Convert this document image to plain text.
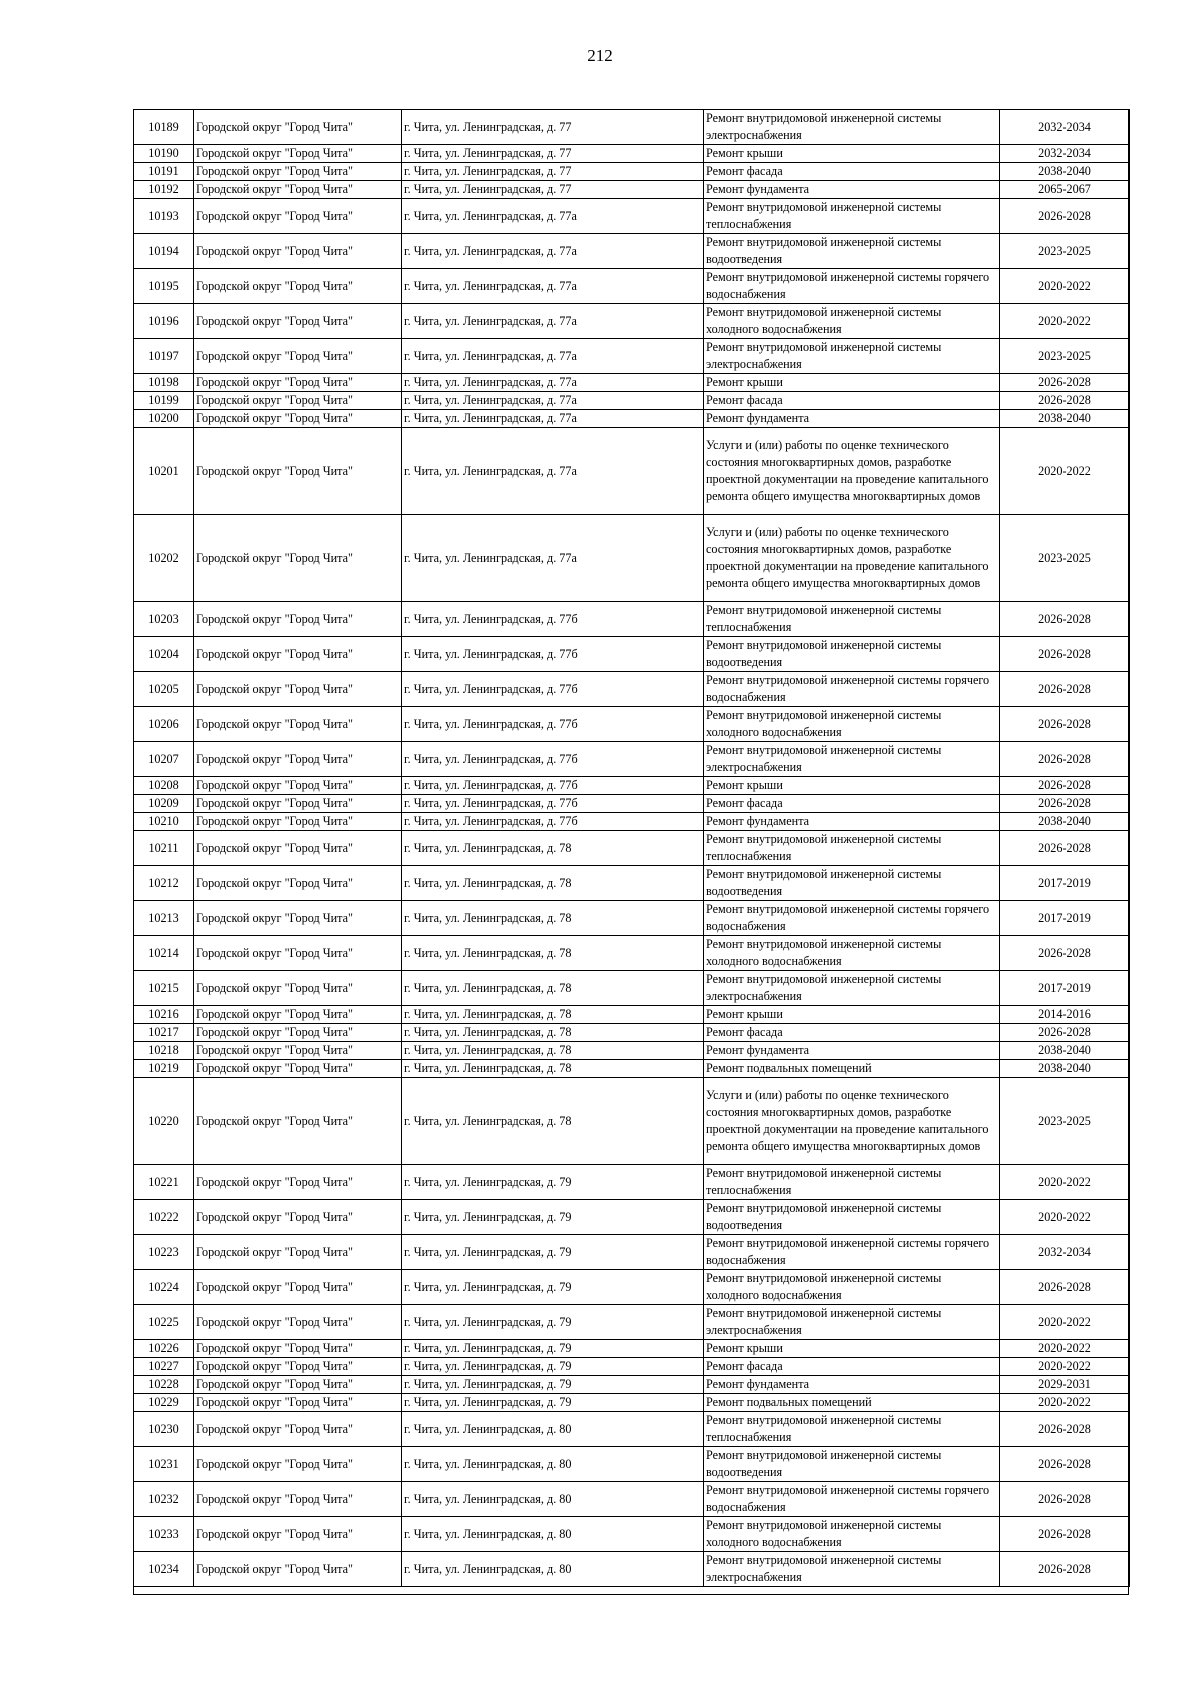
212
10189	Городской округ "Город Чита"	г. Чита, ул. Ленинградская, д. 77	Ремонт внутридомовой инженерной системы электроснабжения	2032-2034
10190	Городской округ "Город Чита"	г. Чита, ул. Ленинградская, д. 77	Ремонт крыши	2032-2034
10191	Городской округ "Город Чита"	г. Чита, ул. Ленинградская, д. 77	Ремонт фасада	2038-2040
10192	Городской округ "Город Чита"	г. Чита, ул. Ленинградская, д. 77	Ремонт фундамента	2065-2067
10193	Городской округ "Город Чита"	г. Чита, ул. Ленинградская, д. 77а	Ремонт внутридомовой инженерной системы теплоснабжения	2026-2028
10194	Городской округ "Город Чита"	г. Чита, ул. Ленинградская, д. 77а	Ремонт внутридомовой инженерной системы водоотведения	2023-2025
10195	Городской округ "Город Чита"	г. Чита, ул. Ленинградская, д. 77а	Ремонт внутридомовой инженерной системы горячего водоснабжения	2020-2022
10196	Городской округ "Город Чита"	г. Чита, ул. Ленинградская, д. 77а	Ремонт внутридомовой инженерной системы холодного водоснабжения	2020-2022
10197	Городской округ "Город Чита"	г. Чита, ул. Ленинградская, д. 77а	Ремонт внутридомовой инженерной системы электроснабжения	2023-2025
10198	Городской округ "Город Чита"	г. Чита, ул. Ленинградская, д. 77а	Ремонт крыши	2026-2028
10199	Городской округ "Город Чита"	г. Чита, ул. Ленинградская, д. 77а	Ремонт фасада	2026-2028
10200	Городской округ "Город Чита"	г. Чита, ул. Ленинградская, д. 77а	Ремонт фундамента	2038-2040
10201	Городской округ "Город Чита"	г. Чита, ул. Ленинградская, д. 77а	Услуги и (или) работы по оценке технического состояния многоквартирных домов, разработке проектной документации на проведение капитального ремонта общего имущества многоквартирных домов	2020-2022
10202	Городской округ "Город Чита"	г. Чита, ул. Ленинградская, д. 77а	Услуги и (или) работы по оценке технического состояния многоквартирных домов, разработке проектной документации на проведение капитального ремонта общего имущества многоквартирных домов	2023-2025
10203	Городской округ "Город Чита"	г. Чита, ул. Ленинградская, д. 77б	Ремонт внутридомовой инженерной системы теплоснабжения	2026-2028
10204	Городской округ "Город Чита"	г. Чита, ул. Ленинградская, д. 77б	Ремонт внутридомовой инженерной системы водоотведения	2026-2028
10205	Городской округ "Город Чита"	г. Чита, ул. Ленинградская, д. 77б	Ремонт внутридомовой инженерной системы горячего водоснабжения	2026-2028
10206	Городской округ "Город Чита"	г. Чита, ул. Ленинградская, д. 77б	Ремонт внутридомовой инженерной системы холодного водоснабжения	2026-2028
10207	Городской округ "Город Чита"	г. Чита, ул. Ленинградская, д. 77б	Ремонт внутридомовой инженерной системы электроснабжения	2026-2028
10208	Городской округ "Город Чита"	г. Чита, ул. Ленинградская, д. 77б	Ремонт крыши	2026-2028
10209	Городской округ "Город Чита"	г. Чита, ул. Ленинградская, д. 77б	Ремонт фасада	2026-2028
10210	Городской округ "Город Чита"	г. Чита, ул. Ленинградская, д. 77б	Ремонт фундамента	2038-2040
10211	Городской округ "Город Чита"	г. Чита, ул. Ленинградская, д. 78	Ремонт внутридомовой инженерной системы теплоснабжения	2026-2028
10212	Городской округ "Город Чита"	г. Чита, ул. Ленинградская, д. 78	Ремонт внутридомовой инженерной системы водоотведения	2017-2019
10213	Городской округ "Город Чита"	г. Чита, ул. Ленинградская, д. 78	Ремонт внутридомовой инженерной системы горячего водоснабжения	2017-2019
10214	Городской округ "Город Чита"	г. Чита, ул. Ленинградская, д. 78	Ремонт внутридомовой инженерной системы холодного водоснабжения	2026-2028
10215	Городской округ "Город Чита"	г. Чита, ул. Ленинградская, д. 78	Ремонт внутридомовой инженерной системы электроснабжения	2017-2019
10216	Городской округ "Город Чита"	г. Чита, ул. Ленинградская, д. 78	Ремонт крыши	2014-2016
10217	Городской округ "Город Чита"	г. Чита, ул. Ленинградская, д. 78	Ремонт фасада	2026-2028
10218	Городской округ "Город Чита"	г. Чита, ул. Ленинградская, д. 78	Ремонт фундамента	2038-2040
10219	Городской округ "Город Чита"	г. Чита, ул. Ленинградская, д. 78	Ремонт подвальных помещений	2038-2040
10220	Городской округ "Город Чита"	г. Чита, ул. Ленинградская, д. 78	Услуги и (или) работы по оценке технического состояния многоквартирных домов, разработке проектной документации на проведение капитального ремонта общего имущества многоквартирных домов	2023-2025
10221	Городской округ "Город Чита"	г. Чита, ул. Ленинградская, д. 79	Ремонт внутридомовой инженерной системы теплоснабжения	2020-2022
10222	Городской округ "Город Чита"	г. Чита, ул. Ленинградская, д. 79	Ремонт внутридомовой инженерной системы водоотведения	2020-2022
10223	Городской округ "Город Чита"	г. Чита, ул. Ленинградская, д. 79	Ремонт внутридомовой инженерной системы горячего водоснабжения	2032-2034
10224	Городской округ "Город Чита"	г. Чита, ул. Ленинградская, д. 79	Ремонт внутридомовой инженерной системы холодного водоснабжения	2026-2028
10225	Городской округ "Город Чита"	г. Чита, ул. Ленинградская, д. 79	Ремонт внутридомовой инженерной системы электроснабжения	2020-2022
10226	Городской округ "Город Чита"	г. Чита, ул. Ленинградская, д. 79	Ремонт крыши	2020-2022
10227	Городской округ "Город Чита"	г. Чита, ул. Ленинградская, д. 79	Ремонт фасада	2020-2022
10228	Городской округ "Город Чита"	г. Чита, ул. Ленинградская, д. 79	Ремонт фундамента	2029-2031
10229	Городской округ "Город Чита"	г. Чита, ул. Ленинградская, д. 79	Ремонт подвальных помещений	2020-2022
10230	Городской округ "Город Чита"	г. Чита, ул. Ленинградская, д. 80	Ремонт внутридомовой инженерной системы теплоснабжения	2026-2028
10231	Городской округ "Город Чита"	г. Чита, ул. Ленинградская, д. 80	Ремонт внутридомовой инженерной системы водоотведения	2026-2028
10232	Городской округ "Город Чита"	г. Чита, ул. Ленинградская, д. 80	Ремонт внутридомовой инженерной системы горячего водоснабжения	2026-2028
10233	Городской округ "Город Чита"	г. Чита, ул. Ленинградская, д. 80	Ремонт внутридомовой инженерной системы холодного водоснабжения	2026-2028
10234	Городской округ "Город Чита"	г. Чита, ул. Ленинградская, д. 80	Ремонт внутридомовой инженерной системы электроснабжения	2026-2028
